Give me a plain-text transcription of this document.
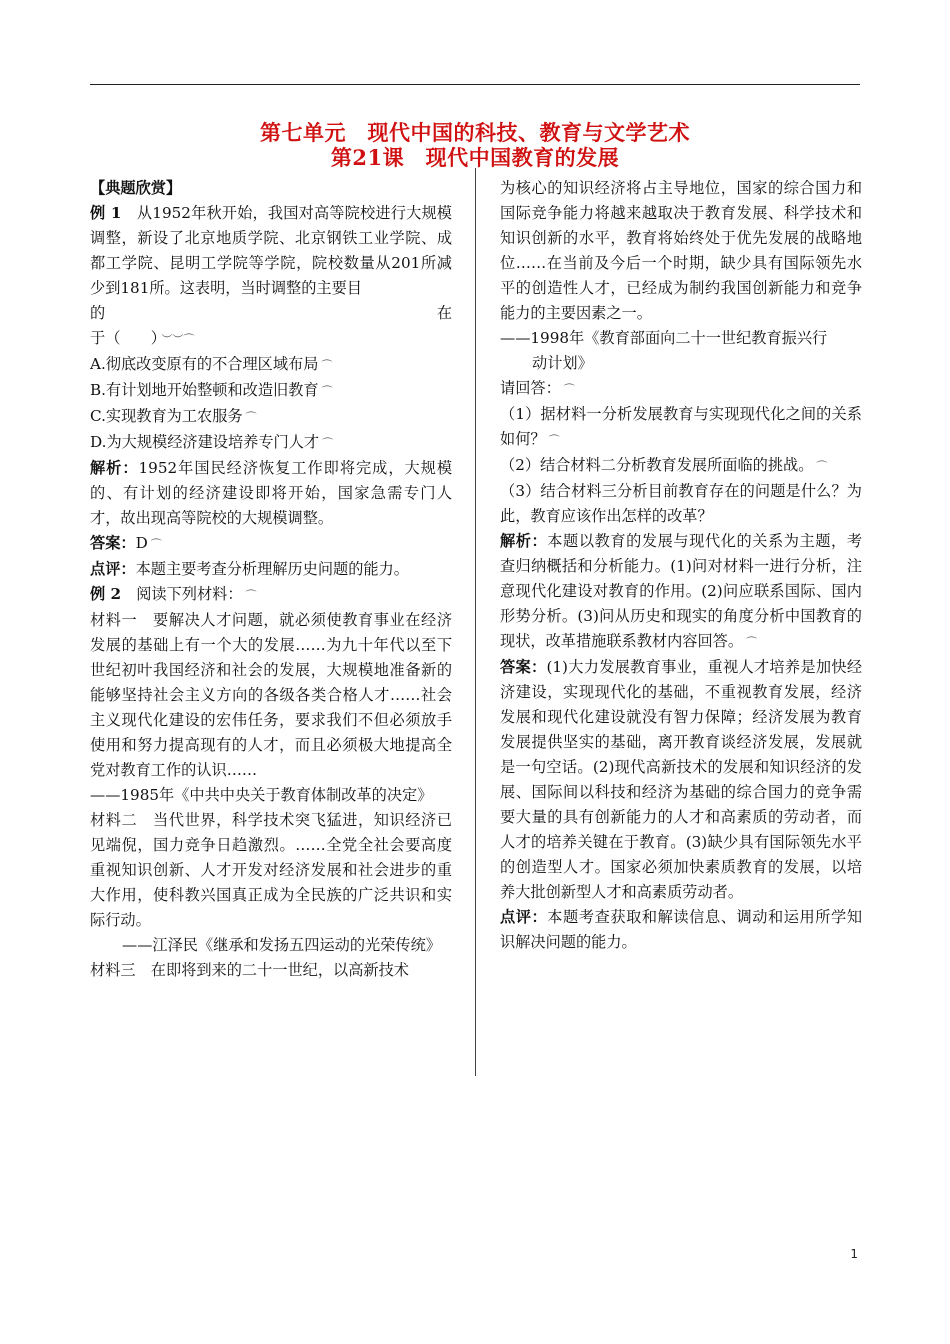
第七单元　现代中国的科技、教育与文学艺术
第21课　现代中国教育的发展

【典题欣赏】

例 1　从1952年秋开始，我国对高等院校进行大规模调整，新设了北京地质学院、北京钢铁工业学院、成都工学院、昆明工学院等学院，院校数量从201所减少到181所。这表明，当时调整的主要目

的	在

于（　　） ︶︶⌒

A.彻底改变原有的不合理区域布局 ⌒

B.有计划地开始整顿和改造旧教育 ⌒

C.实现教育为工农服务 ⌒

D.为大规模经济建设培养专门人才 ⌒

解析：1952年国民经济恢复工作即将完成，大规模的、有计划的经济建设即将开始，国家急需专门人才，故出现高等院校的大规模调整。

答案：D ⌒

点评：本题主要考查分析理解历史问题的能力。

例 2　阅读下列材料： ⌒

材料一　要解决人才问题，就必须使教育事业在经济发展的基础上有一个大的发展……为九十年代以至下世纪初叶我国经济和社会的发展，大规模地准备新的能够坚持社会主义方向的各级各类合格人才……社会主义现代化建设的宏伟任务，要求我们不但必须放手使用和努力提高现有的人才，而且必须极大地提高全党对教育工作的认识……

——1985年《中共中央关于教育体制改革的决定》

材料二　当代世界，科学技术突飞猛进，知识经济已见端倪，国力竞争日趋激烈。……全党全社会要高度重视知识创新、人才开发对经济发展和社会进步的重大作用，使科教兴国真正成为全民族的广泛共识和实际行动。

——江泽民《继承和发扬五四运动的光荣传统》

材料三　在即将到来的二十一世纪，以高新技术

为核心的知识经济将占主导地位，国家的综合国力和国际竞争能力将越来越取决于教育发展、科学技术和知识创新的水平，教育将始终处于优先发展的战略地位……在当前及今后一个时期，缺少具有国际领先水平的创造性人才，已经成为制约我国创新能力和竞争能力的主要因素之一。

——1998年《教育部面向二十一世纪教育振兴行

动计划》

请回答： ⌒

（1）据材料一分析发展教育与实现现代化之间的关系如何？ ⌒

（2）结合材料二分析教育发展所面临的挑战。 ⌒

（3）结合材料三分析目前教育存在的问题是什么？为此，教育应该作出怎样的改革？

解析：本题以教育的发展与现代化的关系为主题，考查归纳概括和分析能力。(1)问对材料一进行分析，注意现代化建设对教育的作用。(2)问应联系国际、国内形势分析。(3)问从历史和现实的角度分析中国教育的现状，改革措施联系教材内容回答。 ⌒

答案：(1)大力发展教育事业，重视人才培养是加快经济建设，实现现代化的基础，不重视教育发展，经济发展和现代化建设就没有智力保障；经济发展为教育发展提供坚实的基础，离开教育谈经济发展，发展就是一句空话。(2)现代高新技术的发展和知识经济的发展、国际间以科技和经济为基础的综合国力的竞争需要大量的具有创新能力的人才和高素质的劳动者，而人才的培养关键在于教育。(3)缺少具有国际领先水平的创造型人才。国家必须加快素质教育的发展，以培养大批创新型人才和高素质劳动者。

点评：本题考查获取和解读信息、调动和运用所学知识解决问题的能力。

1
